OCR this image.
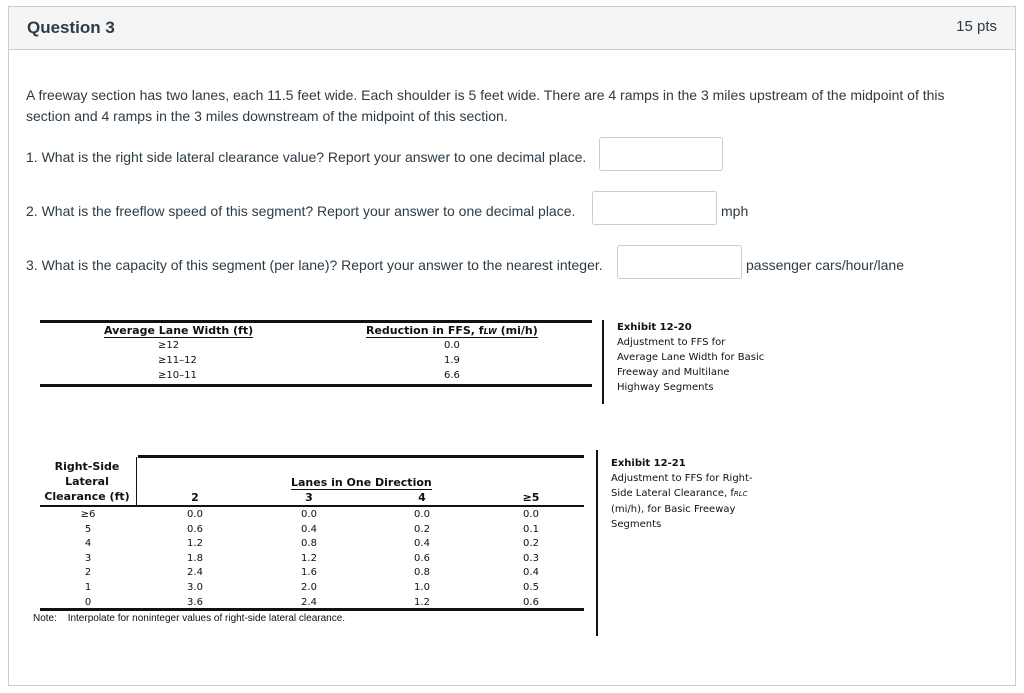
Question 3	15 pts
A freeway section has two lanes, each 11.5 feet wide. Each shoulder is 5 feet wide. There are 4 ramps in the 3 miles upstream of the midpoint of this
section and 4 ramps in the 3 miles downstream of the midpoint of this section.
1. What is the right side lateral clearance value? Report your answer to one decimal place.
2. What is the freeflow speed of this segment? Report your answer to one decimal place.	mph
3. What is the capacity of this segment (per lane)? Report your answer to the nearest integer.	passenger cars/hour/lane
Average Lane Width (ft)	Reduction in FFS, fLW (mi/h)
≥12	0.0
≥11–12	1.9
≥10–11	6.6
Exhibit 12-20
Adjustment to FFS for
Average Lane Width for Basic
Freeway and Multilane
Highway Segments
Right-Side
Lateral
Clearance (ft)
Lanes in One Direction
2	3	4	≥5
≥6	0.0	0.0	0.0	0.0
5	0.6	0.4	0.2	0.1
4	1.2	0.8	0.4	0.2
3	1.8	1.2	0.6	0.3
2	2.4	1.6	0.8	0.4
1	3.0	2.0	1.0	0.5
0	3.6	2.4	1.2	0.6
Note: Interpolate for noninteger values of right-side lateral clearance.
Exhibit 12-21
Adjustment to FFS for Right-
Side Lateral Clearance, fRLC
(mi/h), for Basic Freeway
Segments
